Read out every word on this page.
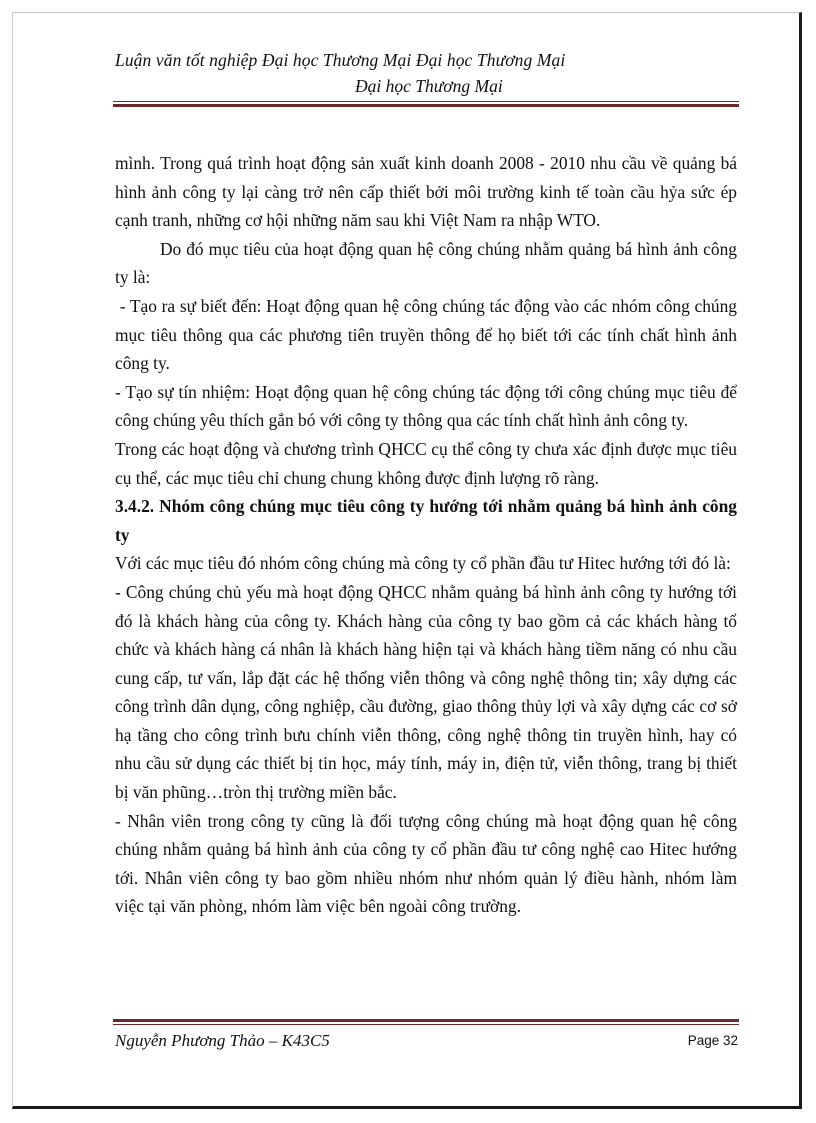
Luận văn tốt nghiệp Đại học Thương Mại Đại học Thương Mại
Đại học Thương Mại

mình. Trong quá trình hoạt động sản xuất kinh doanh 2008 - 2010 nhu cầu về quảng bá hình ảnh công ty lại càng trở nên cấp thiết bởi môi trường kinh tế toàn cầu hỷa sức ép cạnh tranh, những cơ hội những năm sau khi Việt Nam ra nhập WTO.

Do đó mục tiêu của hoạt động quan hệ công chúng nhằm quảng bá hình ảnh công ty là:

- Tạo ra sự biết đến: Hoạt động quan hệ công chúng tác động vào các nhóm công chúng mục tiêu thông qua các phương tiên truyền thông để họ biết tới các tính chất hình ảnh công ty.

- Tạo sự tín nhiệm: Hoạt động quan hệ công chúng tác động tới công chúng mục tiêu để công chúng yêu thích gắn bó với công ty thông qua các tính chất hình ảnh công ty.

Trong các hoạt động và chương trình QHCC cụ thể công ty chưa xác định được mục tiêu cụ thể, các mục tiêu chỉ chung chung không được định lượng rõ ràng.

3.4.2. Nhóm công chúng mục tiêu công ty hướng tới nhằm quảng bá hình ảnh công ty

Với các mục tiêu đó nhóm công chúng mà công ty cổ phần đầu tư Hitec hướng tới đó là:

- Công chúng chủ yếu mà hoạt động QHCC nhằm quảng bá hình ảnh công ty hướng tới đó là khách hàng của công ty. Khách hàng của công ty bao gồm cả các khách hàng tổ chức và khách hàng cá nhân là khách hàng hiện tại và khách hàng tiềm năng có nhu cầu cung cấp, tư vấn, lắp đặt các hệ thống viễn thông và công nghệ thông tin; xây dựng các công trình dân dụng, công nghiệp, cầu đường, giao thông thủy lợi và xây dựng các cơ sở hạ tầng cho công trình bưu chính viễn thông, công nghệ thông tin truyền hình, hay có nhu cầu sử dụng các thiết bị tin học, máy tính, máy in, điện tử, viễn thông, trang bị thiết bị văn phũng…tròn thị trường miền bắc.

- Nhân viên trong công ty cũng là đối tượng công chúng mà hoạt động quan hệ công chúng nhằm quảng bá hình ảnh của công ty cổ phần đầu tư công nghệ cao Hitec hướng tới. Nhân viên công ty bao gồm nhiều nhóm như nhóm quản lý điều hành, nhóm làm việc tại văn phòng, nhóm làm việc bên ngoài công trường.

Nguyễn Phương Thảo – K43C5	Page 32
